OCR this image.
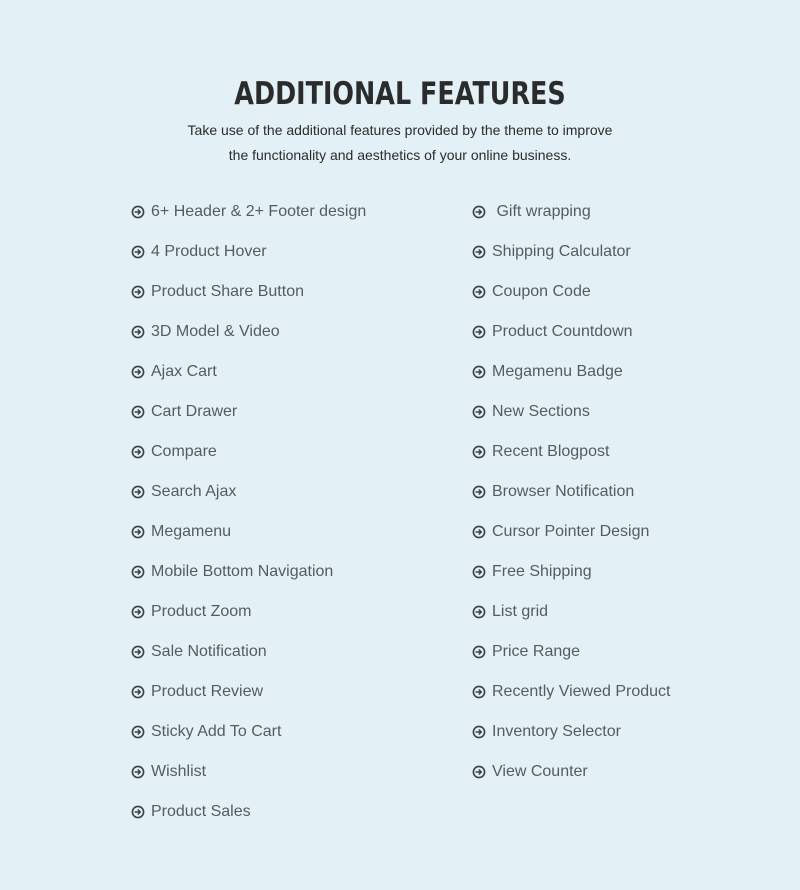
ADDITIONAL FEATURES

Take use of the additional features provided by the theme to improve
the functionality and aesthetics of your online business.

6+ Header & 2+ Footer design
4 Product Hover
Product Share Button
3D Model & Video
Ajax Cart
Cart Drawer
Compare
Search Ajax
Megamenu
Mobile Bottom Navigation
Product Zoom
Sale Notification
Product Review
Sticky Add To Cart
Wishlist
Product Sales
Gift wrapping
Shipping Calculator
Coupon Code
Product Countdown
Megamenu Badge
New Sections
Recent Blogpost
Browser Notification
Cursor Pointer Design
Free Shipping
List grid
Price Range
Recently Viewed Product
Inventory Selector
View Counter
